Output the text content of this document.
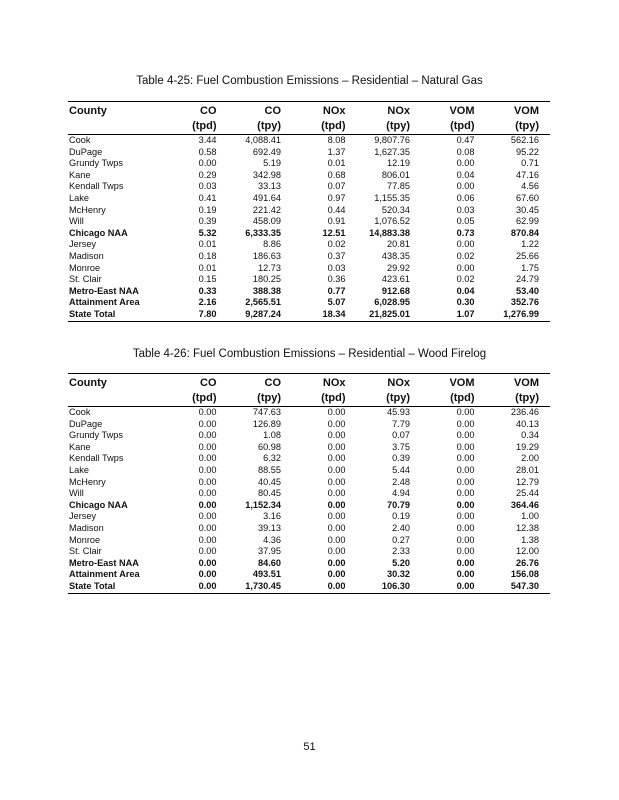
Table 4-25: Fuel Combustion Emissions – Residential – Natural Gas
County	CO	CO	NOx	NOx	VOM	VOM
	(tpd)	(tpy)	(tpd)	(tpy)	(tpd)	(tpy)
Cook	3.44	4,088.41	8.08	9,807.76	0.47	562.16
DuPage	0.58	692.49	1.37	1,627.35	0.08	95.22
Grundy Twps	0.00	5.19	0.01	12.19	0.00	0.71
Kane	0.29	342.98	0.68	806.01	0.04	47.16
Kendall Twps	0.03	33.13	0.07	77.85	0.00	4.56
Lake	0.41	491.64	0.97	1,155.35	0.06	67.60
McHenry	0.19	221.42	0.44	520.34	0.03	30.45
Will	0.39	458.09	0.91	1,076.52	0.05	62.99
Chicago NAA	5.32	6,333.35	12.51	14,883.38	0.73	870.84
Jersey	0.01	8.86	0.02	20.81	0.00	1.22
Madison	0.18	186.63	0.37	438.35	0.02	25.66
Monroe	0.01	12.73	0.03	29.92	0.00	1.75
St. Clair	0.15	180.25	0.36	423.61	0.02	24.79
Metro-East NAA	0.33	388.38	0.77	912.68	0.04	53.40
Attainment Area	2.16	2,565.51	5.07	6,028.95	0.30	352.76
State Total	7.80	9,287.24	18.34	21,825.01	1.07	1,276.99
Table 4-26: Fuel Combustion Emissions – Residential – Wood Firelog
County	CO	CO	NOx	NOx	VOM	VOM
	(tpd)	(tpy)	(tpd)	(tpy)	(tpd)	(tpy)
Cook	0.00	747.63	0.00	45.93	0.00	236.46
DuPage	0.00	126.89	0.00	7.79	0.00	40.13
Grundy Twps	0.00	1.08	0.00	0.07	0.00	0.34
Kane	0.00	60.98	0.00	3.75	0.00	19.29
Kendall Twps	0.00	6.32	0.00	0.39	0.00	2.00
Lake	0.00	88.55	0.00	5.44	0.00	28.01
McHenry	0.00	40.45	0.00	2.48	0.00	12.79
Will	0.00	80.45	0.00	4.94	0.00	25.44
Chicago NAA	0.00	1,152.34	0.00	70.79	0.00	364.46
Jersey	0.00	3.16	0.00	0.19	0.00	1.00
Madison	0.00	39.13	0.00	2.40	0.00	12.38
Monroe	0.00	4.36	0.00	0.27	0.00	1.38
St. Clair	0.00	37.95	0.00	2.33	0.00	12.00
Metro-East NAA	0.00	84.60	0.00	5.20	0.00	26.76
Attainment Area	0.00	493.51	0.00	30.32	0.00	156.08
State Total	0.00	1,730.45	0.00	106.30	0.00	547.30
51
